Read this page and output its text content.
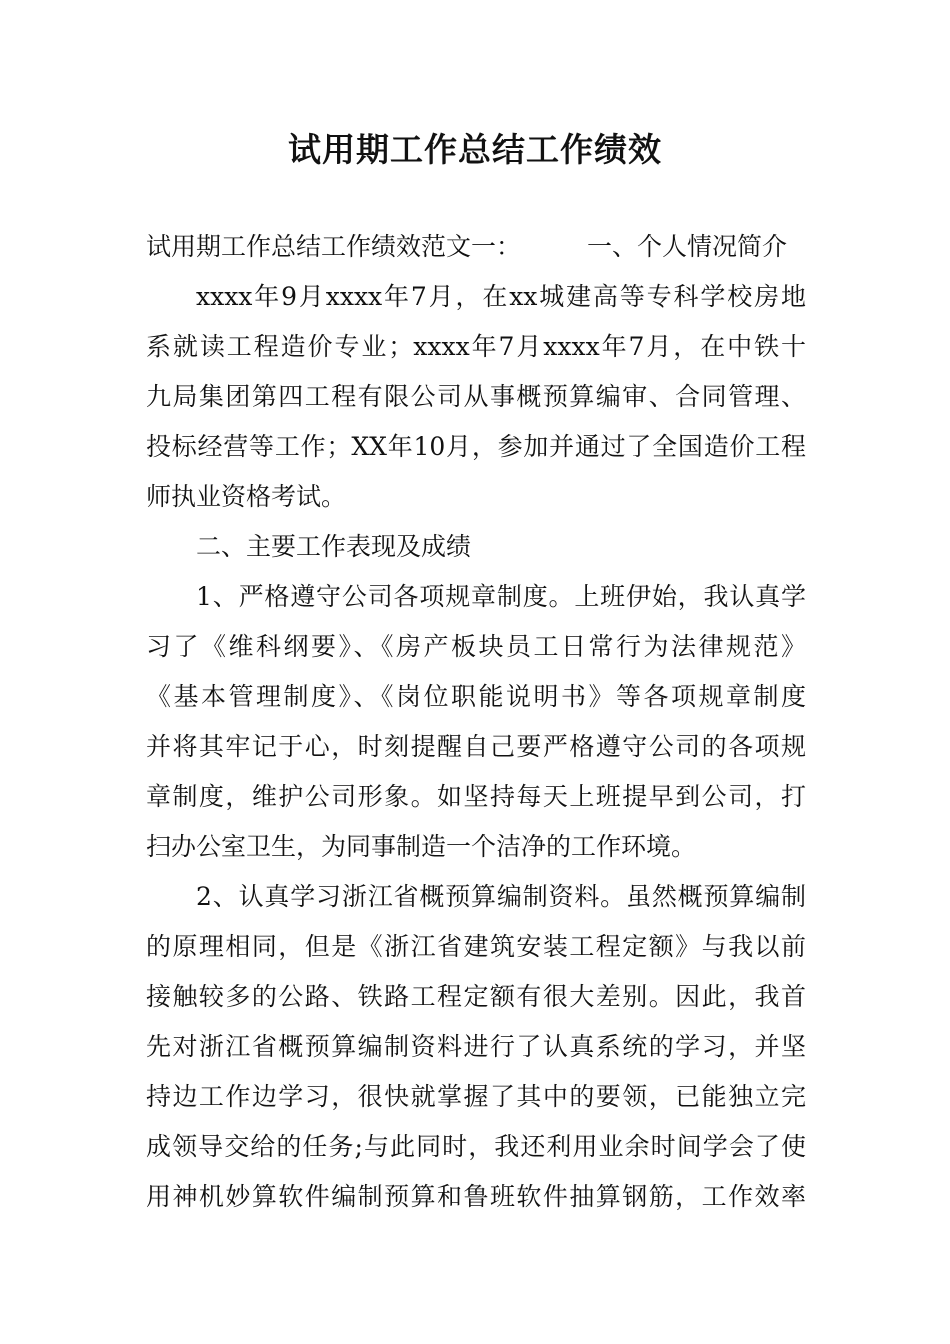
试用期工作总结工作绩效
试用期工作总结工作绩效范文一：	一、个人情况简介
xxxx年9月xxxx年7月，在xx城建高等专科学校房地
系就读工程造价专业；xxxx年7月xxxx年7月，在中铁十
九局集团第四工程有限公司从事概预算编审、合同管理、
投标经营等工作；XX年10月，参加并通过了全国造价工程
师执业资格考试。
二、主要工作表现及成绩
1、严格遵守公司各项规章制度。上班伊始，我认真学
习了《维科纲要》、《房产板块员工日常行为法律规范》
《基本管理制度》、《岗位职能说明书》等各项规章制度
并将其牢记于心，时刻提醒自己要严格遵守公司的各项规
章制度，维护公司形象。如坚持每天上班提早到公司，打
扫办公室卫生，为同事制造一个洁净的工作环境。
2、认真学习浙江省概预算编制资料。虽然概预算编制
的原理相同，但是《浙江省建筑安装工程定额》与我以前
接触较多的公路、铁路工程定额有很大差别。因此，我首
先对浙江省概预算编制资料进行了认真系统的学习，并坚
持边工作边学习，很快就掌握了其中的要领，已能独立完
成领导交给的任务;与此同时，我还利用业余时间学会了使
用神机妙算软件编制预算和鲁班软件抽算钢筋，工作效率
